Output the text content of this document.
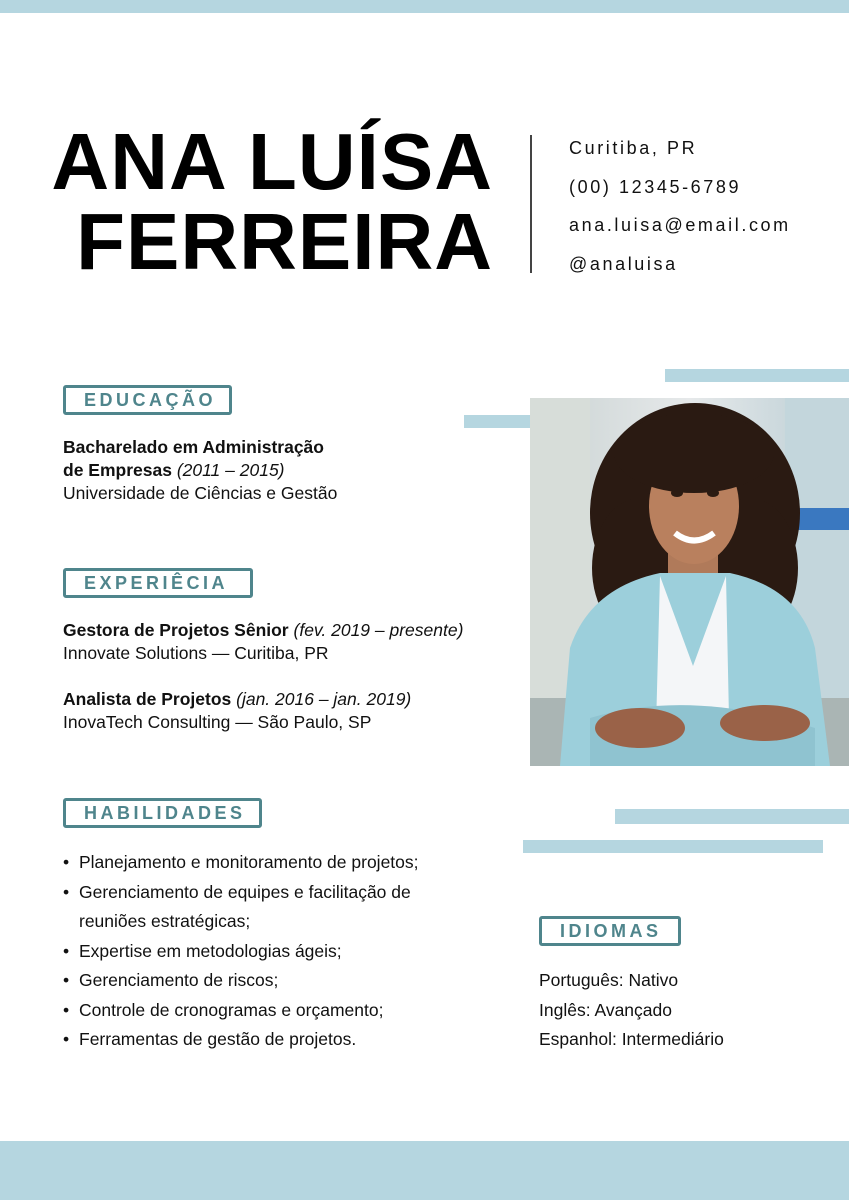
ANA LUÍSA
FERREIRA
Curitiba, PR
(00) 12345-6789
ana.luisa@email.com
@analuisa
EDUCAÇÃO
Bacharelado em Administração
de Empresas (2011 – 2015)
Universidade de Ciências e Gestão
EXPERIÊCIA
Gestora de Projetos Sênior (fev. 2019 – presente)
Innovate Solutions — Curitiba, PR
Analista de Projetos (jan. 2016 – jan. 2019)
InovaTech Consulting — São Paulo, SP
HABILIDADES
• Planejamento e monitoramento de projetos;
• Gerenciamento de equipes e facilitação de reuniões estratégicas;
• Expertise em metodologias ágeis;
• Gerenciamento de riscos;
• Controle de cronogramas e orçamento;
• Ferramentas de gestão de projetos.
IDIOMAS
Português: Nativo
Inglês: Avançado
Espanhol: Intermediário
